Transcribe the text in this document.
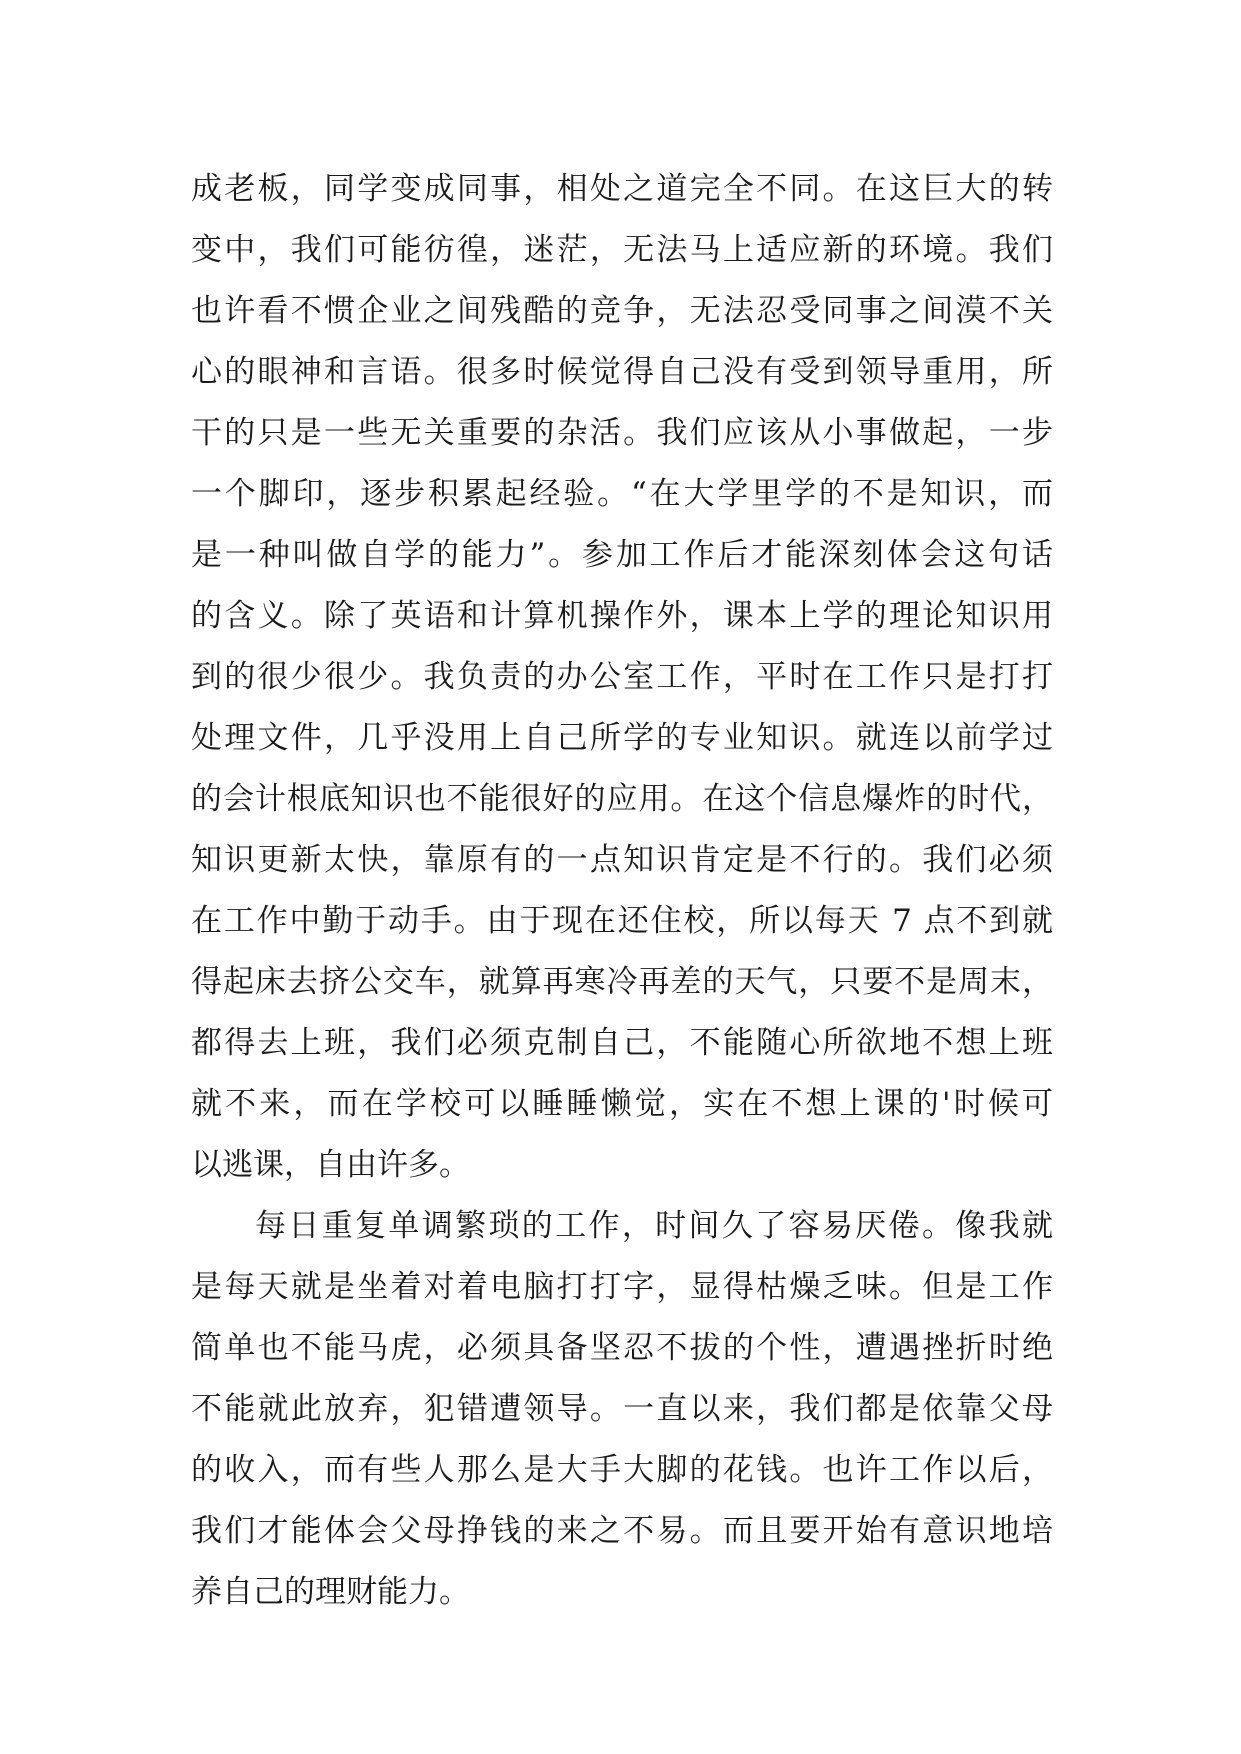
成老板，同学变成同事，相处之道完全不同。在这巨大的转
变中，我们可能彷徨，迷茫，无法马上适应新的环境。我们
也许看不惯企业之间残酷的竞争，无法忍受同事之间漠不关
心的眼神和言语。很多时候觉得自己没有受到领导重用，所
干的只是一些无关重要的杂活。我们应该从小事做起，一步
一个脚印，逐步积累起经验。“在大学里学的不是知识，而
是一种叫做自学的能力”。参加工作后才能深刻体会这句话
的含义。除了英语和计算机操作外，课本上学的理论知识用
到的很少很少。我负责的办公室工作，平时在工作只是打打
处理文件，几乎没用上自己所学的专业知识。就连以前学过
的会计根底知识也不能很好的应用。在这个信息爆炸的时代，
知识更新太快，靠原有的一点知识肯定是不行的。我们必须
在工作中勤于动手。由于现在还住校，所以每天 7 点不到就
得起床去挤公交车，就算再寒冷再差的天气，只要不是周末，
都得去上班，我们必须克制自己，不能随心所欲地不想上班
就不来，而在学校可以睡睡懒觉，实在不想上课的'时候可
以逃课，自由许多。
每日重复单调繁琐的工作，时间久了容易厌倦。像我就
是每天就是坐着对着电脑打打字，显得枯燥乏味。但是工作
简单也不能马虎，必须具备坚忍不拔的个性，遭遇挫折时绝
不能就此放弃，犯错遭领导。一直以来，我们都是依靠父母
的收入，而有些人那么是大手大脚的花钱。也许工作以后，
我们才能体会父母挣钱的来之不易。而且要开始有意识地培
养自己的理财能力。
